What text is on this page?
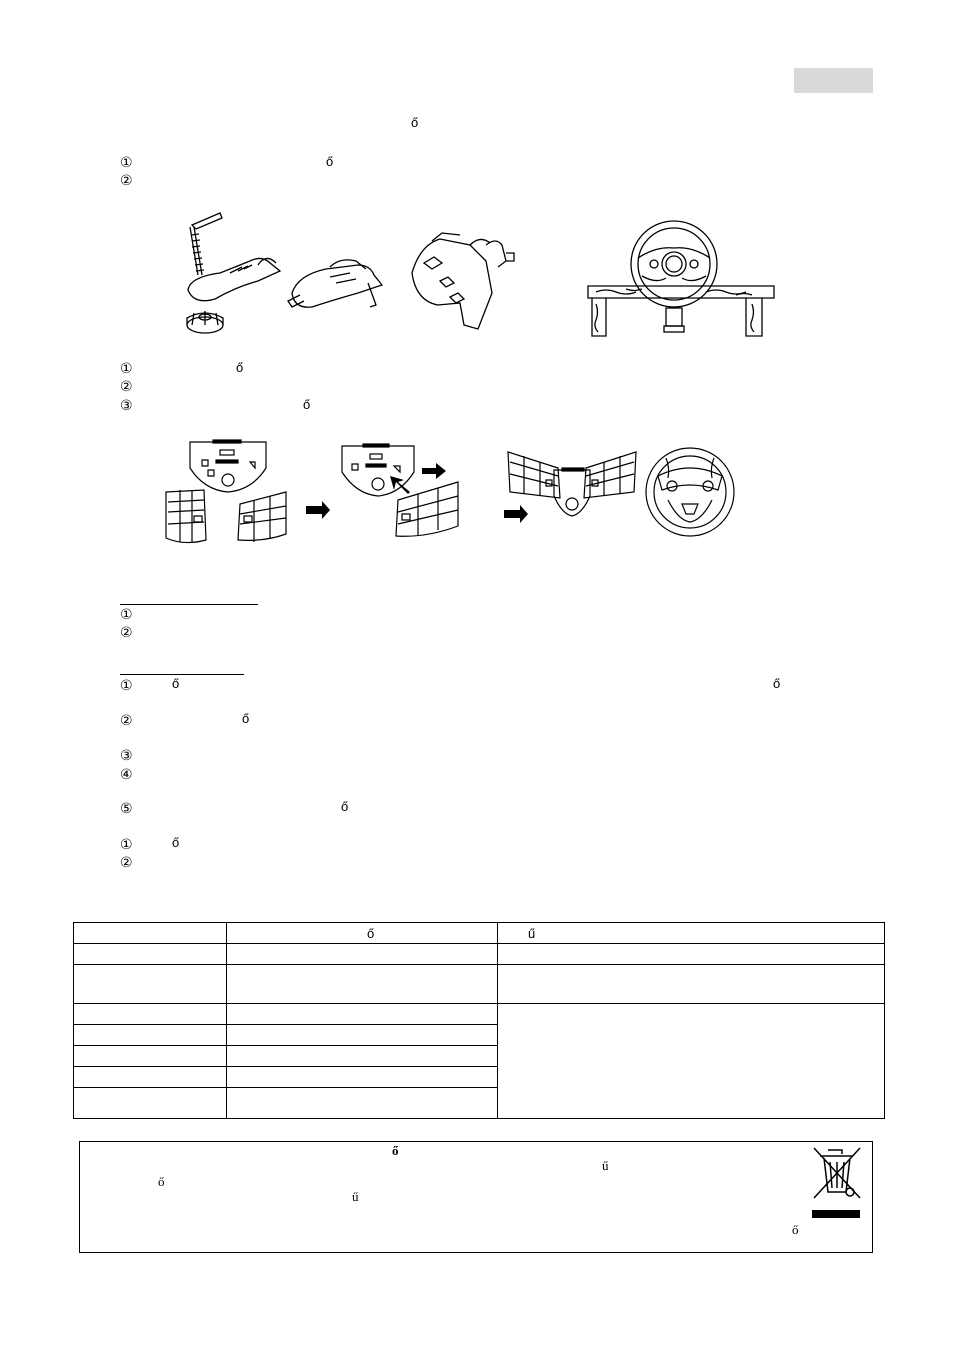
ő
①	ő
②
①	ő
②
③	ő
①
②
①	ő	ő
②	ő
③
④
⑤	ő
①	ő
②
	ő	ű

ő
ű
ő
ű
ő
